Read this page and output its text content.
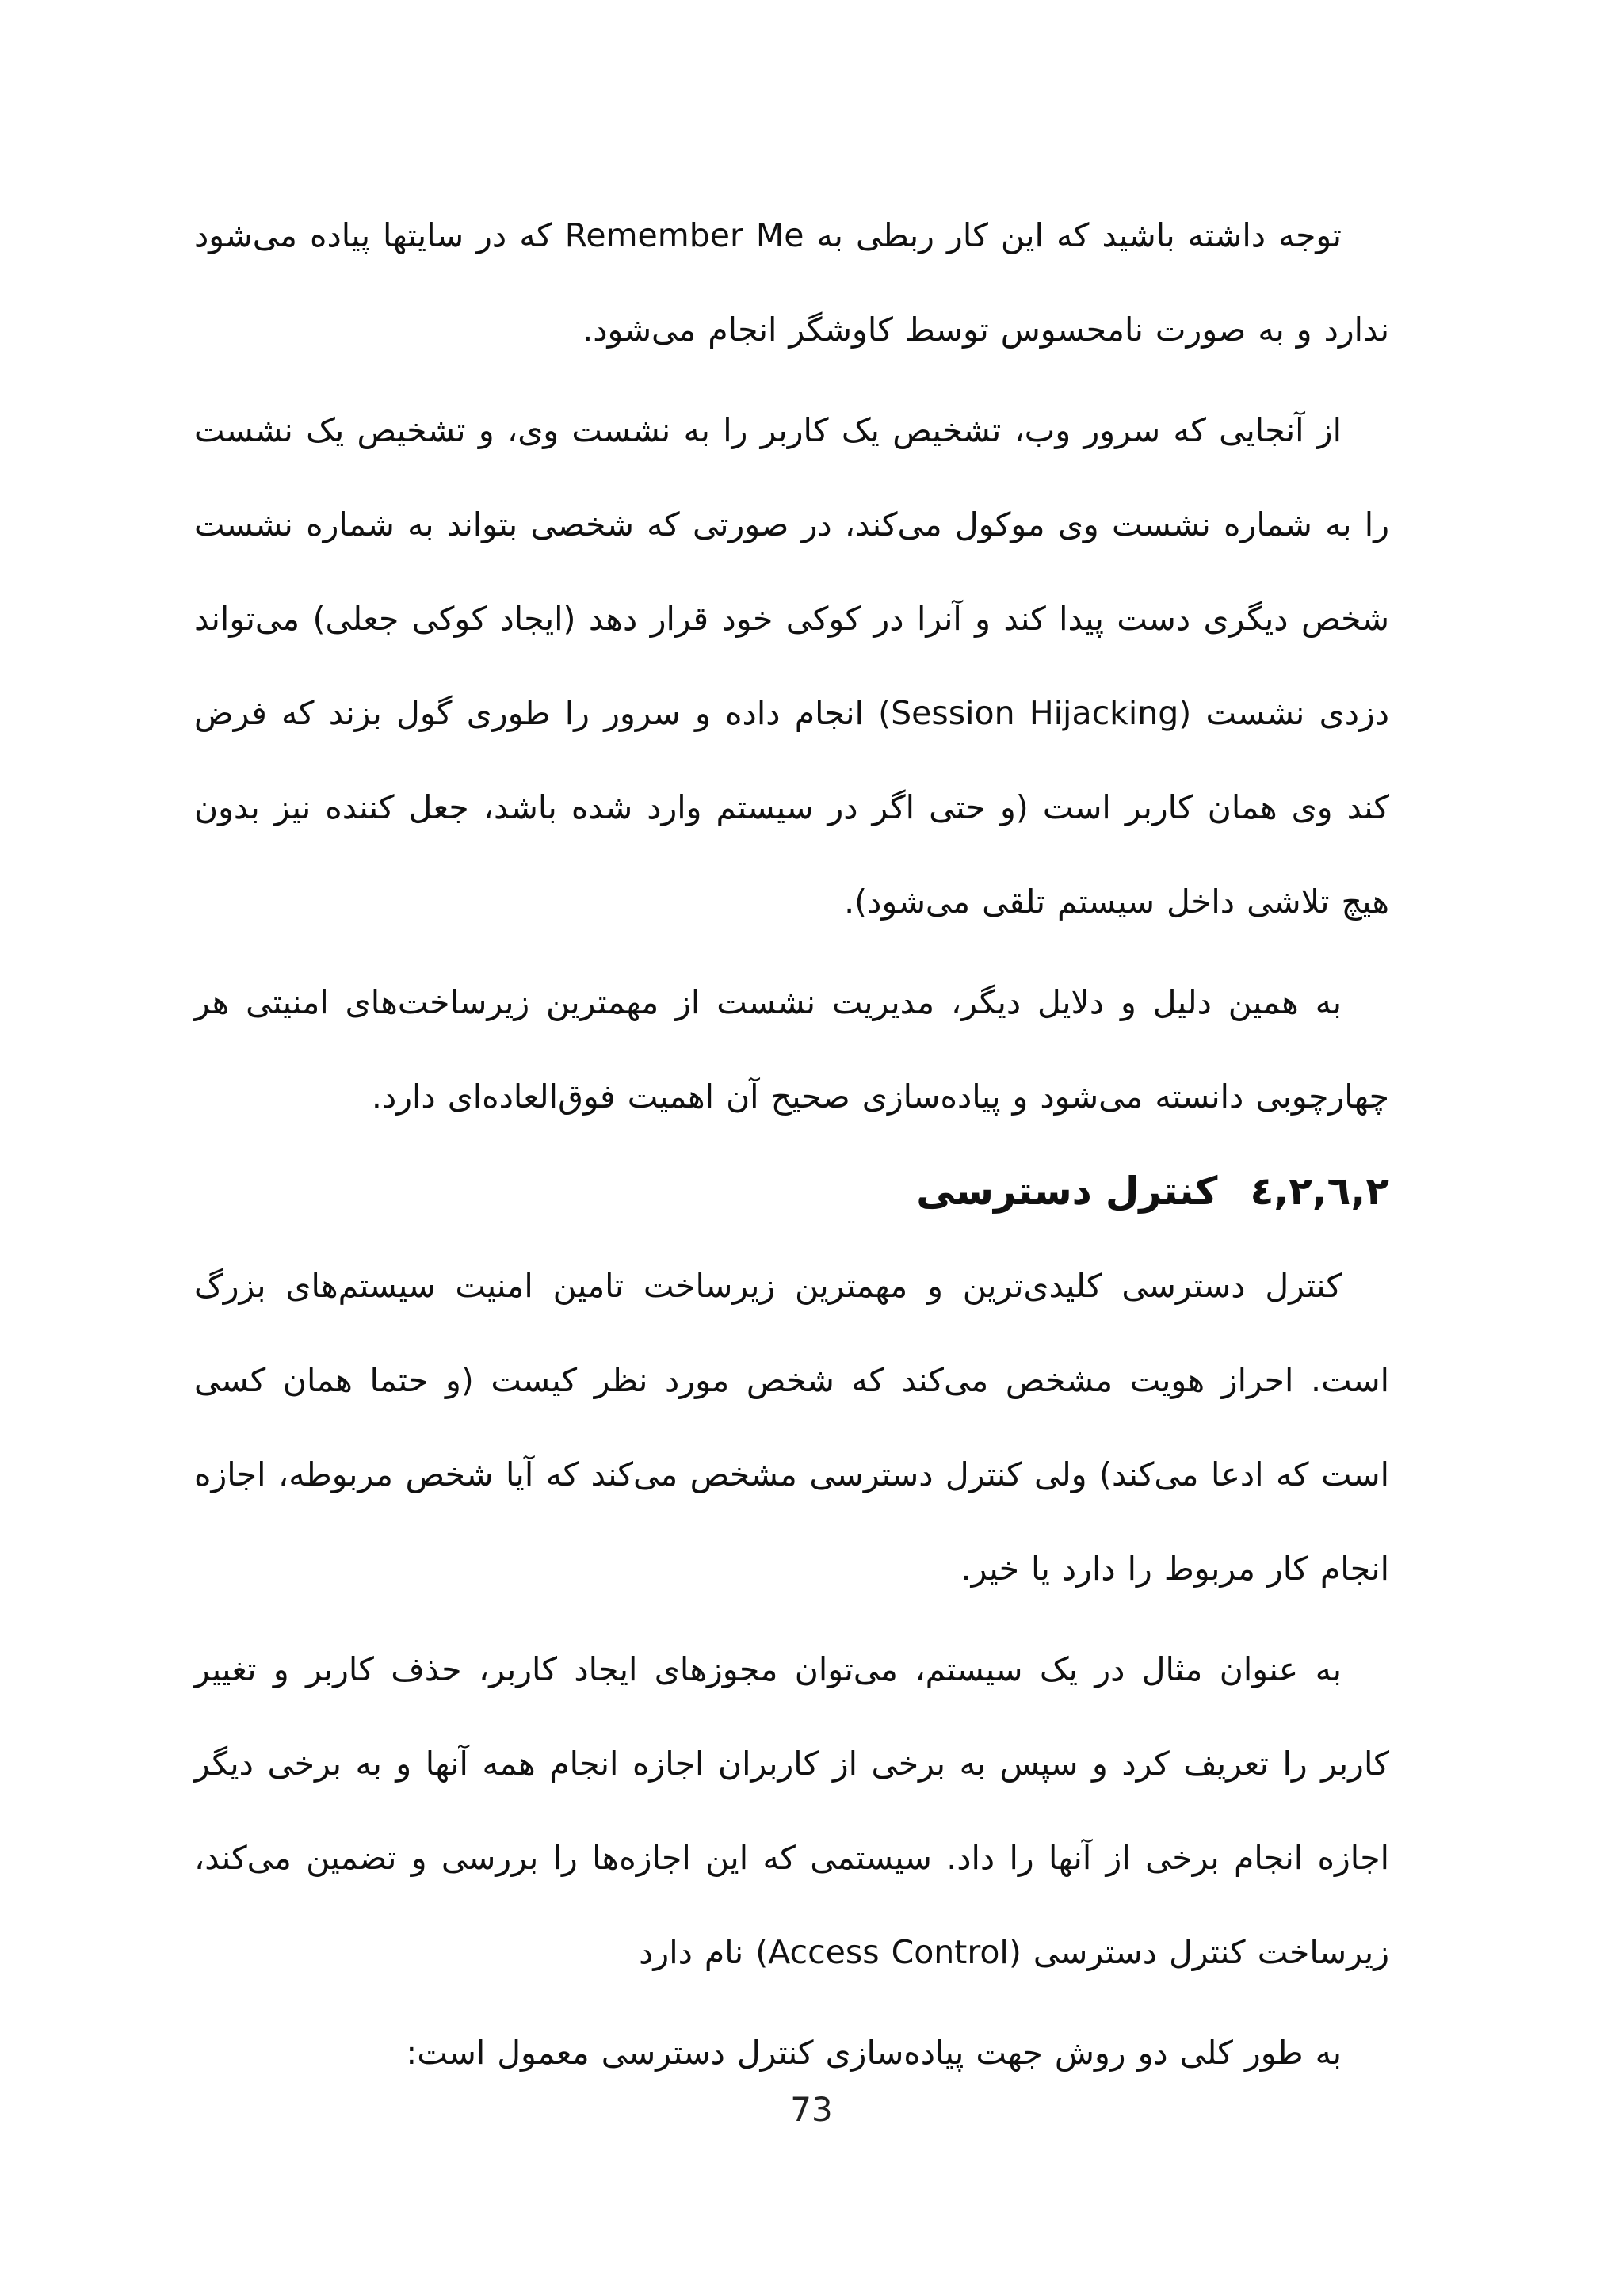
توجه داشته باشید که این کار ربطی به Remember Me که در سایتها پیاده می‌شود ندارد و به صورت نامحسوس توسط کاوشگر انجام می‌شود.

از آنجایی که سرور وب، تشخیص یک کاربر را به نشست وی، و تشخیص یک نشست را به شماره نشست وی موکول می‌کند، در صورتی که شخصی بتواند به شماره نشست شخص دیگری دست پیدا کند و آنرا در کوکی خود قرار دهد (ایجاد کوکی جعلی) می‌تواند دزدی نشست (Session Hijacking) انجام داده و سرور را طوری گول بزند که فرض کند وی همان کاربر است (و حتی اگر در سیستم وارد شده باشد، جعل کننده نیز بدون هیچ تلاشی داخل سیستم تلقی می‌شود).

به همین دلیل و دلایل دیگر، مدیریت نشست از مهمترین زیرساخت‌های امنیتی هر چهارچوبی دانسته می‌شود و پیاده‌سازی صحیح آن اهمیت فوق‌العاده‌ای دارد.

۲,٦,۲,٤ کنترل دسترسی

کنترل دسترسی کلیدی‌ترین و مهمترین زیرساخت تامین امنیت سیستم‌های بزرگ است. احراز هویت مشخص می‌کند که شخص مورد نظر کیست (و حتما همان کسی است که ادعا می‌کند) ولی کنترل دسترسی مشخص می‌کند که آیا شخص مربوطه، اجازه انجام کار مربوط را دارد یا خیر.

به عنوان مثال در یک سیستم، می‌توان مجوزهای ایجاد کاربر، حذف کاربر و تغییر کاربر را تعریف کرد و سپس به برخی از کاربران اجازه انجام همه آنها و به برخی دیگر اجازه انجام برخی از آنها را داد. سیستمی که این اجازه‌ها را بررسی و تضمین می‌کند، زیرساخت کنترل دسترسی (Access Control) نام دارد

به طور کلی دو روش جهت پیاده‌سازی کنترل دسترسی معمول است:

73
